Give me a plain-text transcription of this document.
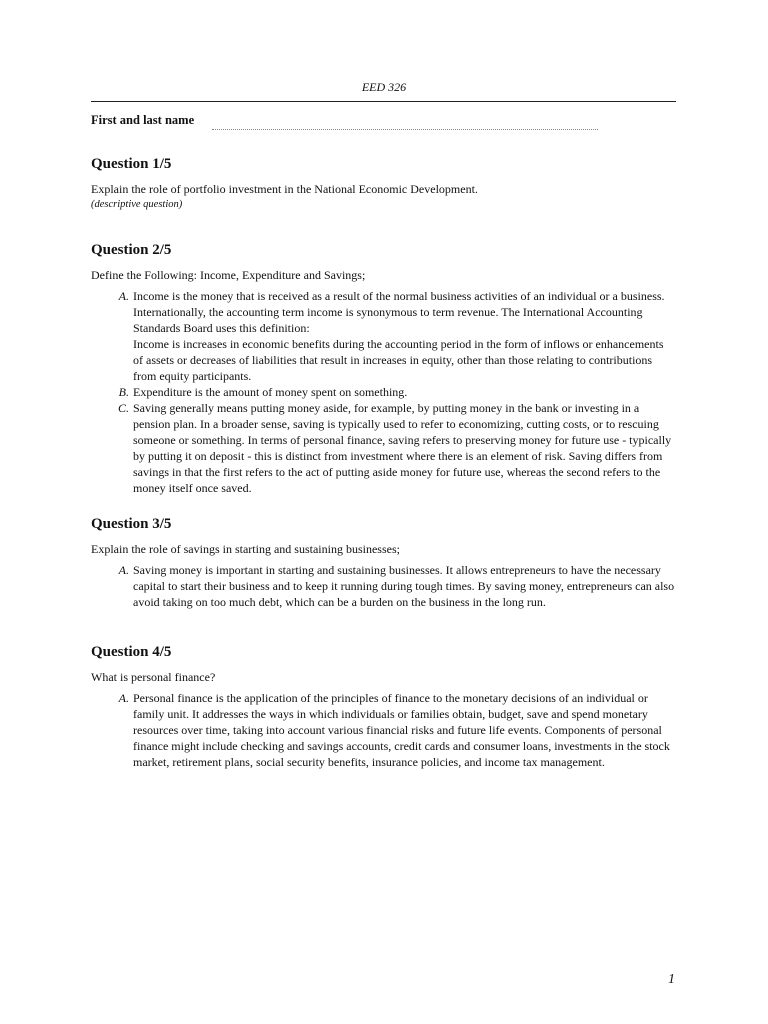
EED 326
First and last name
Question 1/5

Explain the role of portfolio investment in the National Economic Development.

(descriptive question)

Question 2/5

Define the Following: Income, Expenditure and Savings;

A. Income is the money that is received as a result of the normal business activities of an individual or a business. Internationally, the accounting term income is synonymous to term revenue. The International Accounting Standards Board uses this definition:

Income is increases in economic benefits during the accounting period in the form of inflows or enhancements of assets or decreases of liabilities that result in increases in equity, other than those relating to contributions from equity participants.

B. Expenditure is the amount of money spent on something.

C. Saving generally means putting money aside, for example, by putting money in the bank or investing in a pension plan. In a broader sense, saving is typically used to refer to economizing, cutting costs, or to rescuing someone or something. In terms of personal finance, saving refers to preserving money for future use - typically by putting it on deposit - this is distinct from investment where there is an element of risk. Saving differs from savings in that the first refers to the act of putting aside money for future use, whereas the second refers to the money itself once saved.

Question 3/5

Explain the role of savings in starting and sustaining businesses;

A. Saving money is important in starting and sustaining businesses. It allows entrepreneurs to have the necessary capital to start their business and to keep it running during tough times. By saving money, entrepreneurs can also avoid taking on too much debt, which can be a burden on the business in the long run.

Question 4/5

What is personal finance?

A. Personal finance is the application of the principles of finance to the monetary decisions of an individual or family unit. It addresses the ways in which individuals or families obtain, budget, save and spend monetary resources over time, taking into account various financial risks and future life events. Components of personal finance might include checking and savings accounts, credit cards and consumer loans, investments in the stock market, retirement plans, social security benefits, insurance policies, and income tax management.

1
